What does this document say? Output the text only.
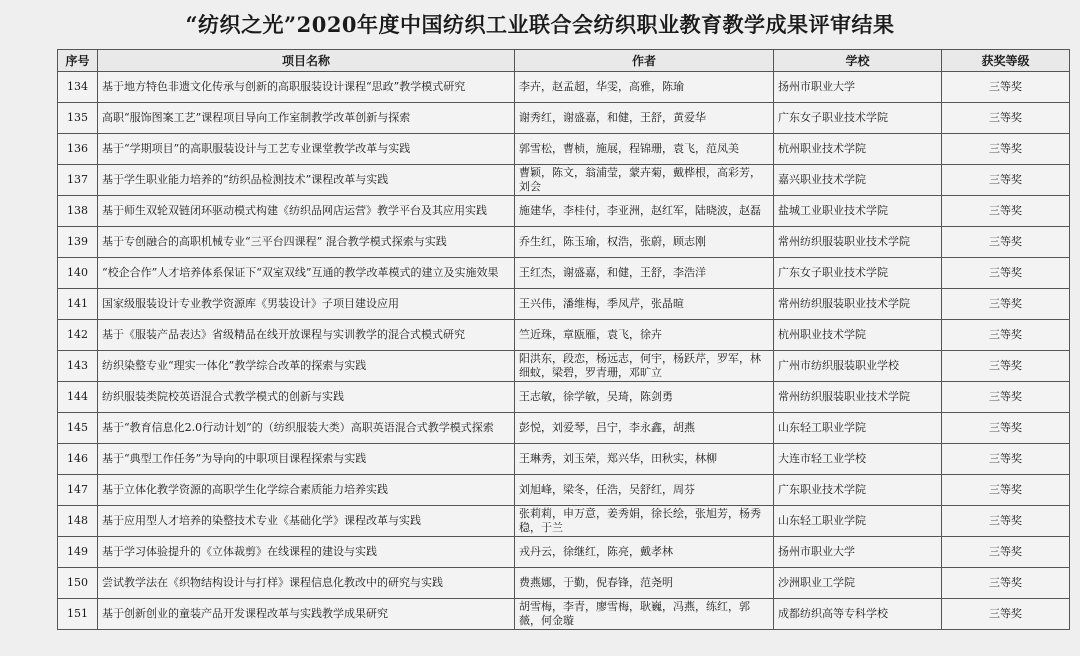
“纺织之光”2020年度中国纺织工业联合会纺织职业教育教学成果评审结果
序号	项目名称	作者	学校	获奖等级
134	基于地方特色非遗文化传承与创新的高职服装设计课程“思政”教学模式研究	李卉，赵孟超，华雯，高雅，陈瑜	扬州市职业大学	三等奖
135	高职“服饰图案工艺”课程项目导向工作室制教学改革创新与探索	谢秀红，谢盛嘉，和健，王舒，黄爱华	广东女子职业技术学院	三等奖
136	基于“学期项目”的高职服装设计与工艺专业课堂教学改革与实践	郭雪松，曹桢，施展，程锦珊，袁飞，范凤美	杭州职业技术学院	三等奖
137	基于学生职业能力培养的“纺织品检测技术”课程改革与实践	曹颖，陈文，翁浦莹，蒙卉菊，戴桦根，高彩芳，刘会	嘉兴职业技术学院	三等奖
138	基于师生双轮双链闭环驱动模式构建《纺织品网店运营》教学平台及其应用实践	施建华，李桂付，李亚洲，赵红军，陆晓波，赵磊	盐城工业职业技术学院	三等奖
139	基于专创融合的高职机械专业“三平台四课程” 混合教学模式探索与实践	乔生红，陈玉瑜，权浩，张蔚，顾志刚	常州纺织服装职业技术学院	三等奖
140	“校企合作”人才培养体系保证下“双室双线”互通的教学改革模式的建立及实施效果	王红杰，谢盛嘉，和健，王舒，李浩洋	广东女子职业技术学院	三等奖
141	国家级服装设计专业教学资源库《男装设计》子项目建设应用	王兴伟，潘维梅，季凤芹，张晶暄	常州纺织服装职业技术学院	三等奖
142	基于《服装产品表达》省级精品在线开放课程与实训教学的混合式模式研究	竺近珠，章瓯雁，袁飞，徐卉	杭州职业技术学院	三等奖
143	纺织染整专业“理实一体化”教学综合改革的探索与实践	阳洪东，段恋，杨远志，何宇，杨跃芹，罗军，林细蚊，梁碧，罗青珊，邓旷立	广州市纺织服装职业学校	三等奖
144	纺织服装类院校英语混合式教学模式的创新与实践	王志敏，徐学敏，吴琦，陈剑勇	常州纺织服装职业技术学院	三等奖
145	基于“教育信息化2.0行动计划”的（纺织服装大类）高职英语混合式教学模式探索	彭悦，刘爱琴，吕宁，李永鑫，胡燕	山东轻工职业学院	三等奖
146	基于“典型工作任务”为导向的中职项目课程探索与实践	王琳秀，刘玉荣，郑兴华，田秋实，林柳	大连市轻工业学校	三等奖
147	基于立体化教学资源的高职学生化学综合素质能力培养实践	刘旭峰，梁冬，任浩，吴舒红，周芬	广东职业技术学院	三等奖
148	基于应用型人才培养的染整技术专业《基础化学》课程改革与实践	张莉莉，申万意，姜秀娟，徐长绘，张旭芳，杨秀稳，于兰	山东轻工职业学院	三等奖
149	基于学习体验提升的《立体裁剪》在线课程的建设与实践	戎丹云，徐继红，陈亮，戴孝林	扬州市职业大学	三等奖
150	尝试教学法在《织物结构设计与打样》课程信息化教改中的研究与实践	费燕娜，于勤，倪春锋，范尧明	沙洲职业工学院	三等奖
151	基于创新创业的童装产品开发课程改革与实践教学成果研究	胡雪梅，李青，廖雪梅，耿巍，冯燕，练红，郭薇，何金璇	成都纺织高等专科学校	三等奖
